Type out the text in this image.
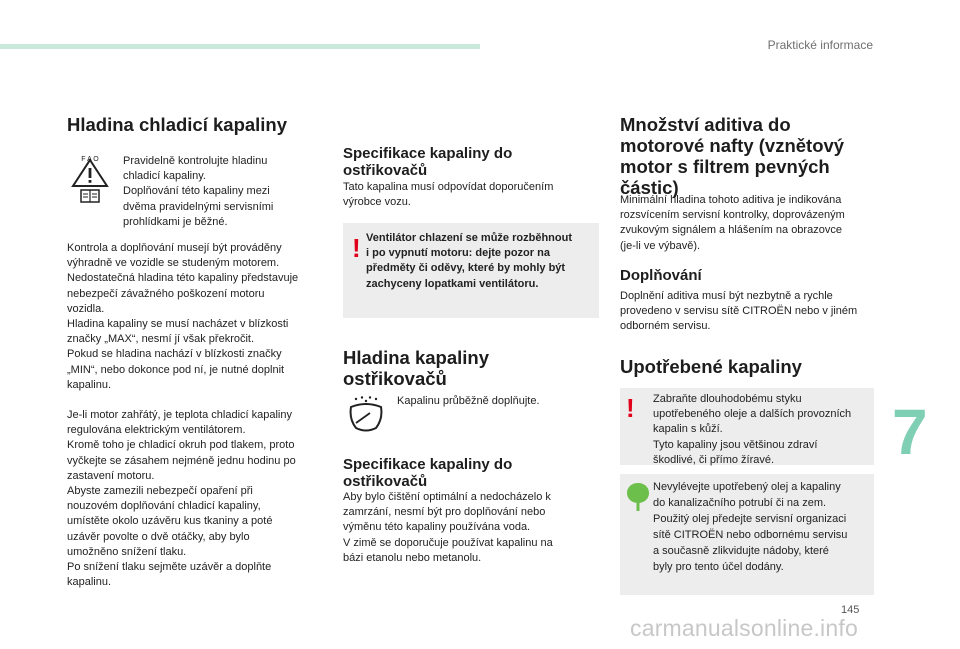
Praktické informace
Hladina chladicí kapaliny
F A O Pravidelně kontrolujte hladinu

chladicí kapaliny.

Doplňování této kapaliny mezi

dvěma pravidelnými servisními

prohlídkami je běžné.

Kontrola a doplňování musejí být prováděny

výhradně ve vozidle se studeným motorem.

Nedostatečná hladina této kapaliny představuje

nebezpečí závažného poškození motoru

vozidla.

Hladina kapaliny se musí nacházet v blízkosti

značky „MAX“, nesmí jí však překročit.

Pokud se hladina nachází v blízkosti značky

„MIN“, nebo dokonce pod ní, je nutné doplnit

kapalinu.

Je-li motor zahřátý, je teplota chladicí kapaliny

regulována elektrickým ventilátorem.

Kromě toho je chladicí okruh pod tlakem, proto

vyčkejte se zásahem nejméně jednu hodinu po

zastavení motoru.

Abyste zamezili nebezpečí opaření při

nouzovém doplňování chladicí kapaliny,

umístěte okolo uzávěru kus tkaniny a poté

uzávěr povolte o dvě otáčky, aby bylo

umožněno snížení tlaku.

Po snížení tlaku sejměte uzávěr a doplňte

kapalinu.

Specifikace kapaliny do
ostřikovačů

Tato kapalina musí odpovídat doporučením

výrobce vozu.

! Ventilátor chlazení se může rozběhnout

i po vypnutí motoru: dejte pozor na

předměty či oděvy, které by mohly být

zachyceny lopatkami ventilátoru.

Hladina kapaliny
ostřikovačů

Kapalinu průběžně doplňujte.

Specifikace kapaliny do
ostřikovačů

Aby bylo čištění optimální a nedocházelo k

zamrzání, nesmí být pro doplňování nebo

výměnu této kapaliny používána voda.

V zimě se doporučuje používat kapalinu na

bázi etanolu nebo metanolu.

Množství aditiva do
motorové nafty (vznětový
motor s filtrem pevných
částic)

Minimální hladina tohoto aditiva je indikována

rozsvícením servisní kontrolky, doprovázeným

zvukovým signálem a hlášením na obrazovce

(je-li ve výbavě).

Doplňování

Doplnění aditiva musí být nezbytně a rychle

provedeno v servisu sítě CITROËN nebo v jiném

odborném servisu.

Upotřebené kapaliny
! Zabraňte dlouhodobému styku

upotřebeného oleje a dalších provozních

kapalin s kůží.

Tyto kapaliny jsou většinou zdraví

škodlivé, či přímo žíravé.

Nevylévejte upotřebený olej a kapaliny

do kanalizačního potrubí či na zem.

Použitý olej předejte servisní organizaci

sítě CITROËN nebo odbornému servisu

a současně zlikvidujte nádoby, které

byly pro tento účel dodány.

7
145
carmanualsonline.info
